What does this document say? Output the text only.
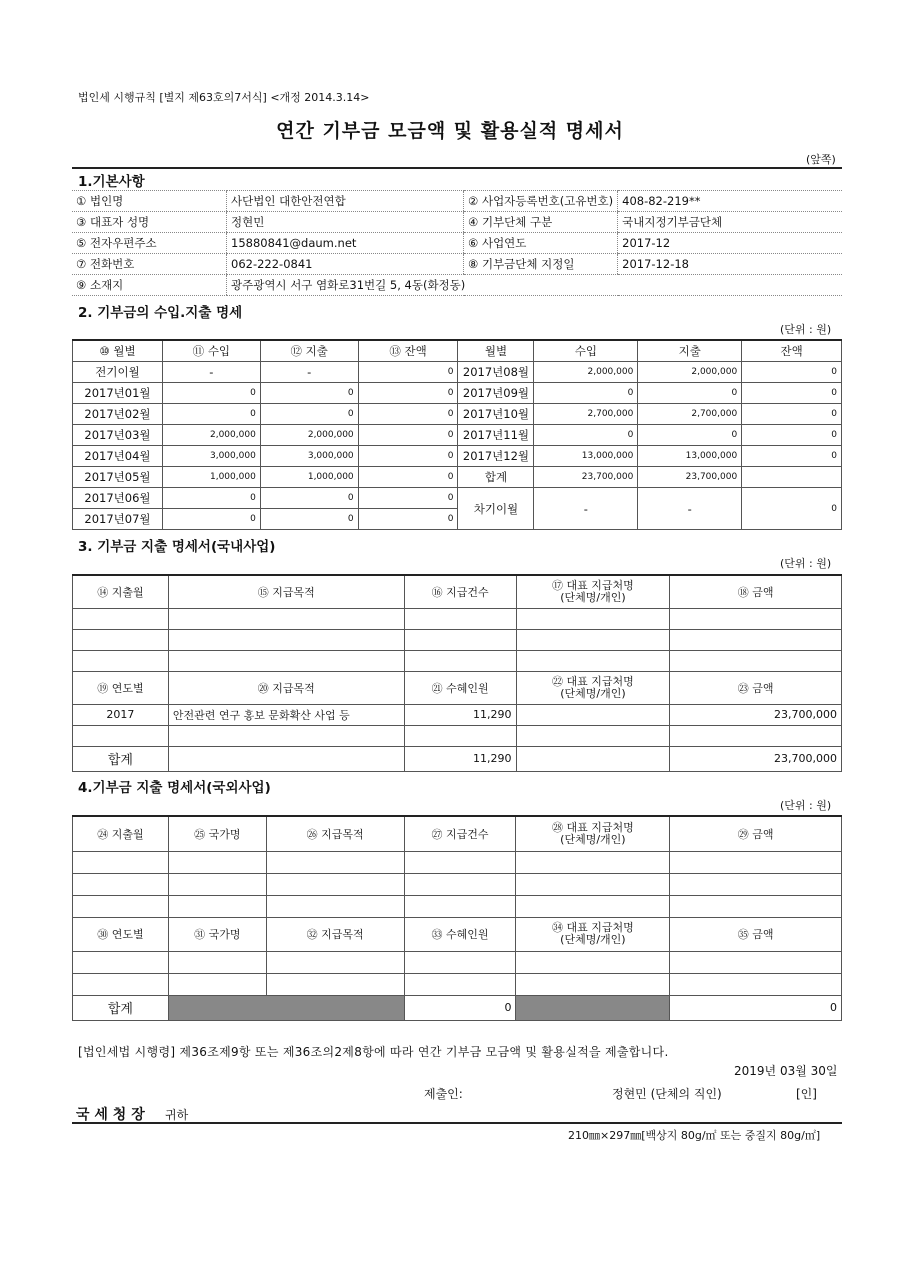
법인세 시행규칙 [별지 제63호의7서식] <개정 2014.3.14>
연간 기부금 모금액 및 활용실적 명세서
(앞쪽)
1.기본사항
① 법인명	사단법인 대한안전연합	② 사업자등록번호(고유번호)	408-82-219**
③ 대표자 성명	정현민	④ 기부단체 구분	국내지정기부금단체
⑤ 전자우편주소	15880841@daum.net	⑥ 사업연도	2017-12
⑦ 전화번호	062-222-0841	⑧ 기부금단체 지정일	2017-12-18
⑨ 소재지	광주광역시 서구 염화로31번길 5, 4동(화정동)		
2. 기부금의 수입.지출 명세
(단위 : 원)
⑩ 월별	⑪ 수입	⑫ 지출	⑬ 잔액	월별	수입	지출	잔액
전기이월	-	-	0	2017년08월	2,000,000	2,000,000	0
2017년01월	0	0	0	2017년09월	0	0	0
2017년02월	0	0	0	2017년10월	2,700,000	2,700,000	0
2017년03월	2,000,000	2,000,000	0	2017년11월	0	0	0
2017년04월	3,000,000	3,000,000	0	2017년12월	13,000,000	13,000,000	0
2017년05월	1,000,000	1,000,000	0	합계	23,700,000	23,700,000	
2017년06월	0	0	0	차기이월	-	-	0
2017년07월	0	0	0				
3. 기부금 지출 명세서(국내사업)
(단위 : 원)
⑭ 지출월	⑮ 지급목적	⑯ 지급건수	⑰ 대표 지급처명
(단체명/개인)	⑱ 금액

⑲ 연도별	⑳ 지급목적	㉑ 수혜인원	㉒ 대표 지급처명
(단체명/개인)	㉓ 금액
2017	안전관련 연구 홍보 문화확산 사업 등	11,290		23,700,000

합계		11,290		23,700,000
4.기부금 지출 명세서(국외사업)
(단위 : 원)
㉔ 지출월	㉕ 국가명	㉖ 지급목적	㉗ 지급건수	㉘ 대표 지급처명
(단체명/개인)	㉙ 금액

㉚ 연도별	㉛ 국가명	㉜ 지급목적	㉝ 수혜인원	㉞ 대표 지급처명
(단체명/개인)	㉟ 금액

합계			0		0
[법인세법 시행령] 제36조제9항 또는 제36조의2제8항에 따라 연간 기부금 모금액 및 활용실적을 제출합니다.
2019년 03월 30일
제출인:	정현민 (단체의 직인)	[인]
국 세 청 장 귀하
210㎜×297㎜[백상지 80g/㎡ 또는 중질지 80g/㎡]
